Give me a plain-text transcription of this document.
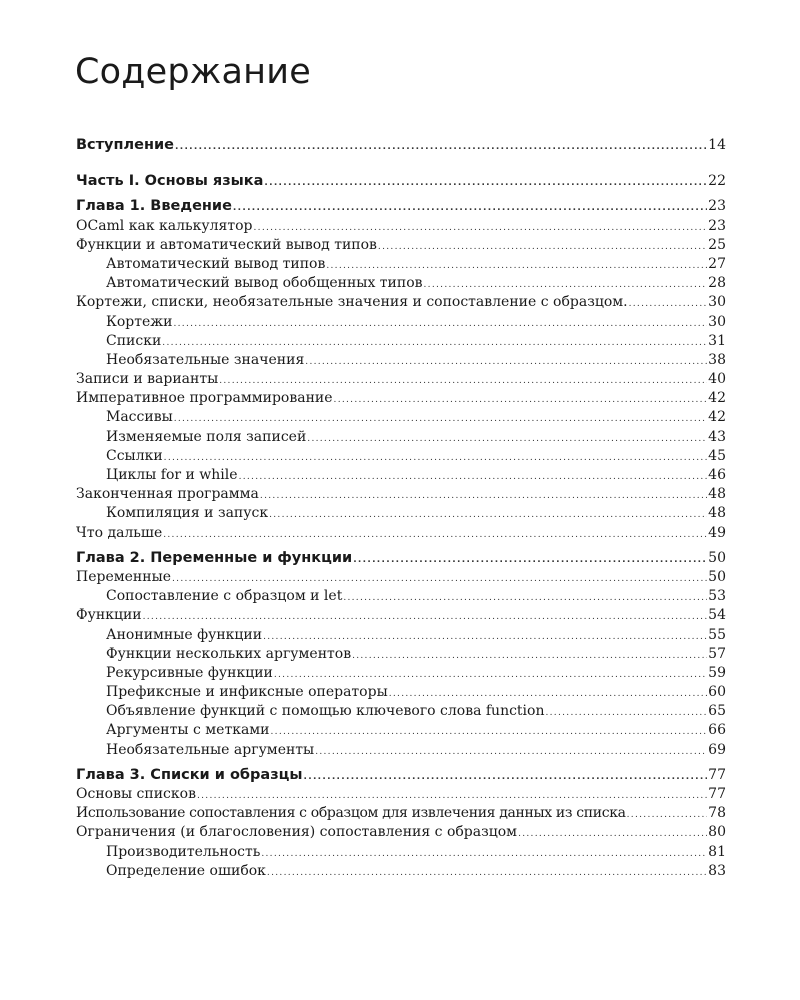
Содержание
Вступление .....	14
Часть I. Основы языка .....	22
Глава 1. Введение .....	23
OCaml как калькулятор .....	23
Функции и автоматический вывод типов .....	25
Автоматический вывод типов .....	27
Автоматический вывод обобщенных типов .....	28
Кортежи, списки, необязательные значения и сопоставление с образцом. .....	30
Кортежи .....	30
Списки .....	31
Необязательные значения .....	38
Записи и варианты .....	40
Императивное программирование .....	42
Массивы .....	42
Изменяемые поля записей .....	43
Ссылки .....	45
Циклы for и while .....	46
Законченная программа .....	48
Компиляция и запуск .....	48
Что дальше .....	49
Глава 2. Переменные и функции .....	50
Переменные .....	50
Сопоставление с образцом и let .....	53
Функции .....	54
Анонимные функции .....	55
Функции нескольких аргументов .....	57
Рекурсивные функции .....	59
Префиксные и инфиксные операторы .....	60
Объявление функций с помощью ключевого слова function .....	65
Аргументы с метками .....	66
Необязательные аргументы .....	69
Глава 3. Списки и образцы .....	77
Основы списков .....	77
Использование сопоставления с образцом для извлечения данных из списка .....	78
Ограничения (и благословения) сопоставления с образцом .....	80
Производительность .....	81
Определение ошибок .....	83
